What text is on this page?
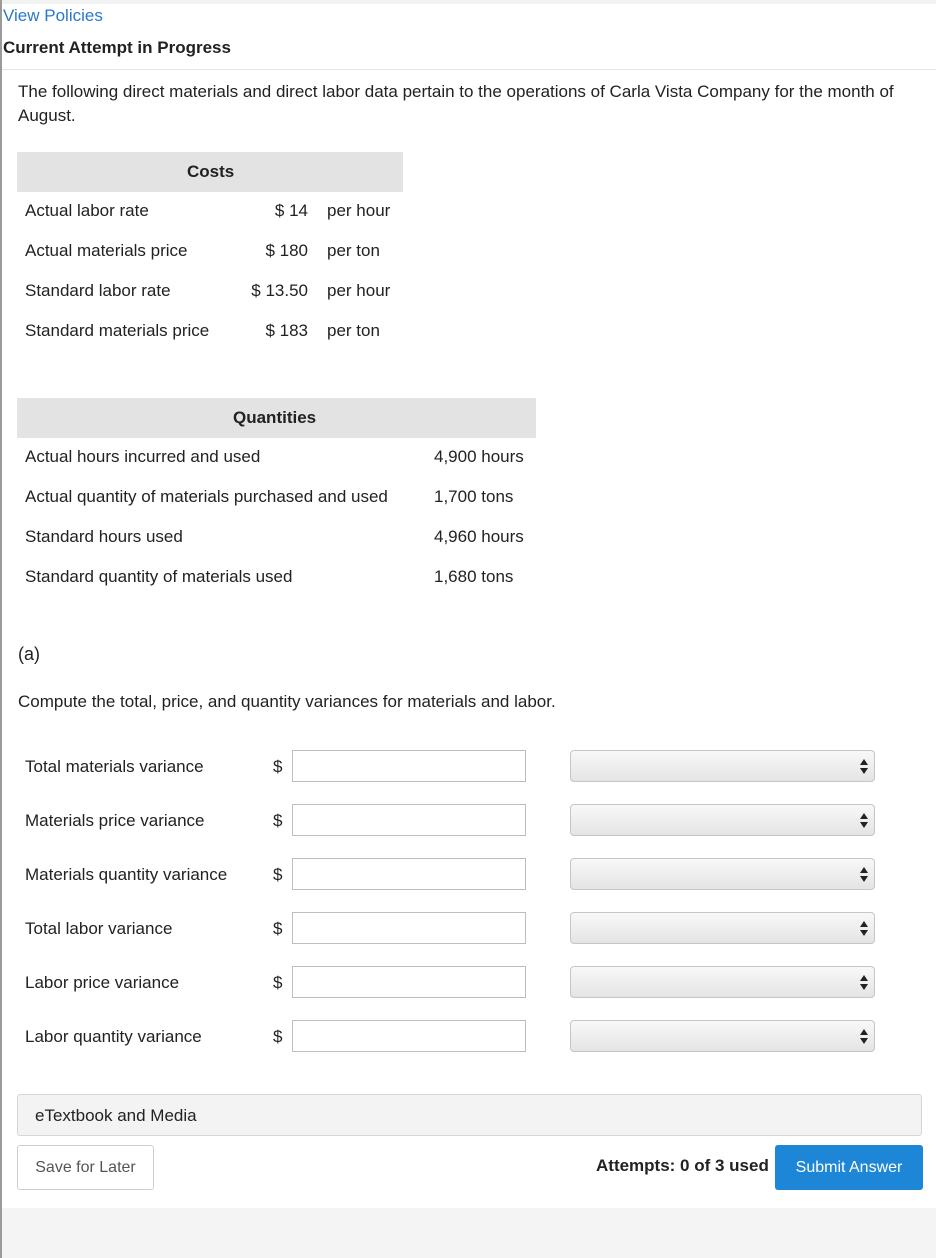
View Policies
Current Attempt in Progress
The following direct materials and direct labor data pertain to the operations of Carla Vista Company for the month of August.
Costs
Actual labor rate	$ 14 per hour
Actual materials price	$ 180 per ton
Standard labor rate	$ 13.50 per hour
Standard materials price	$ 183 per ton
Quantities
Actual hours incurred and used	4,900 hours
Actual quantity of materials purchased and used	1,700 tons
Standard hours used	4,960 hours
Standard quantity of materials used	1,680 tons
(a)
Compute the total, price, and quantity variances for materials and labor.
Total materials variance	$
Materials price variance	$
Materials quantity variance	$
Total labor variance	$
Labor price variance	$
Labor quantity variance	$
eTextbook and Media
Save for Later	Attempts: 0 of 3 used	Submit Answer
